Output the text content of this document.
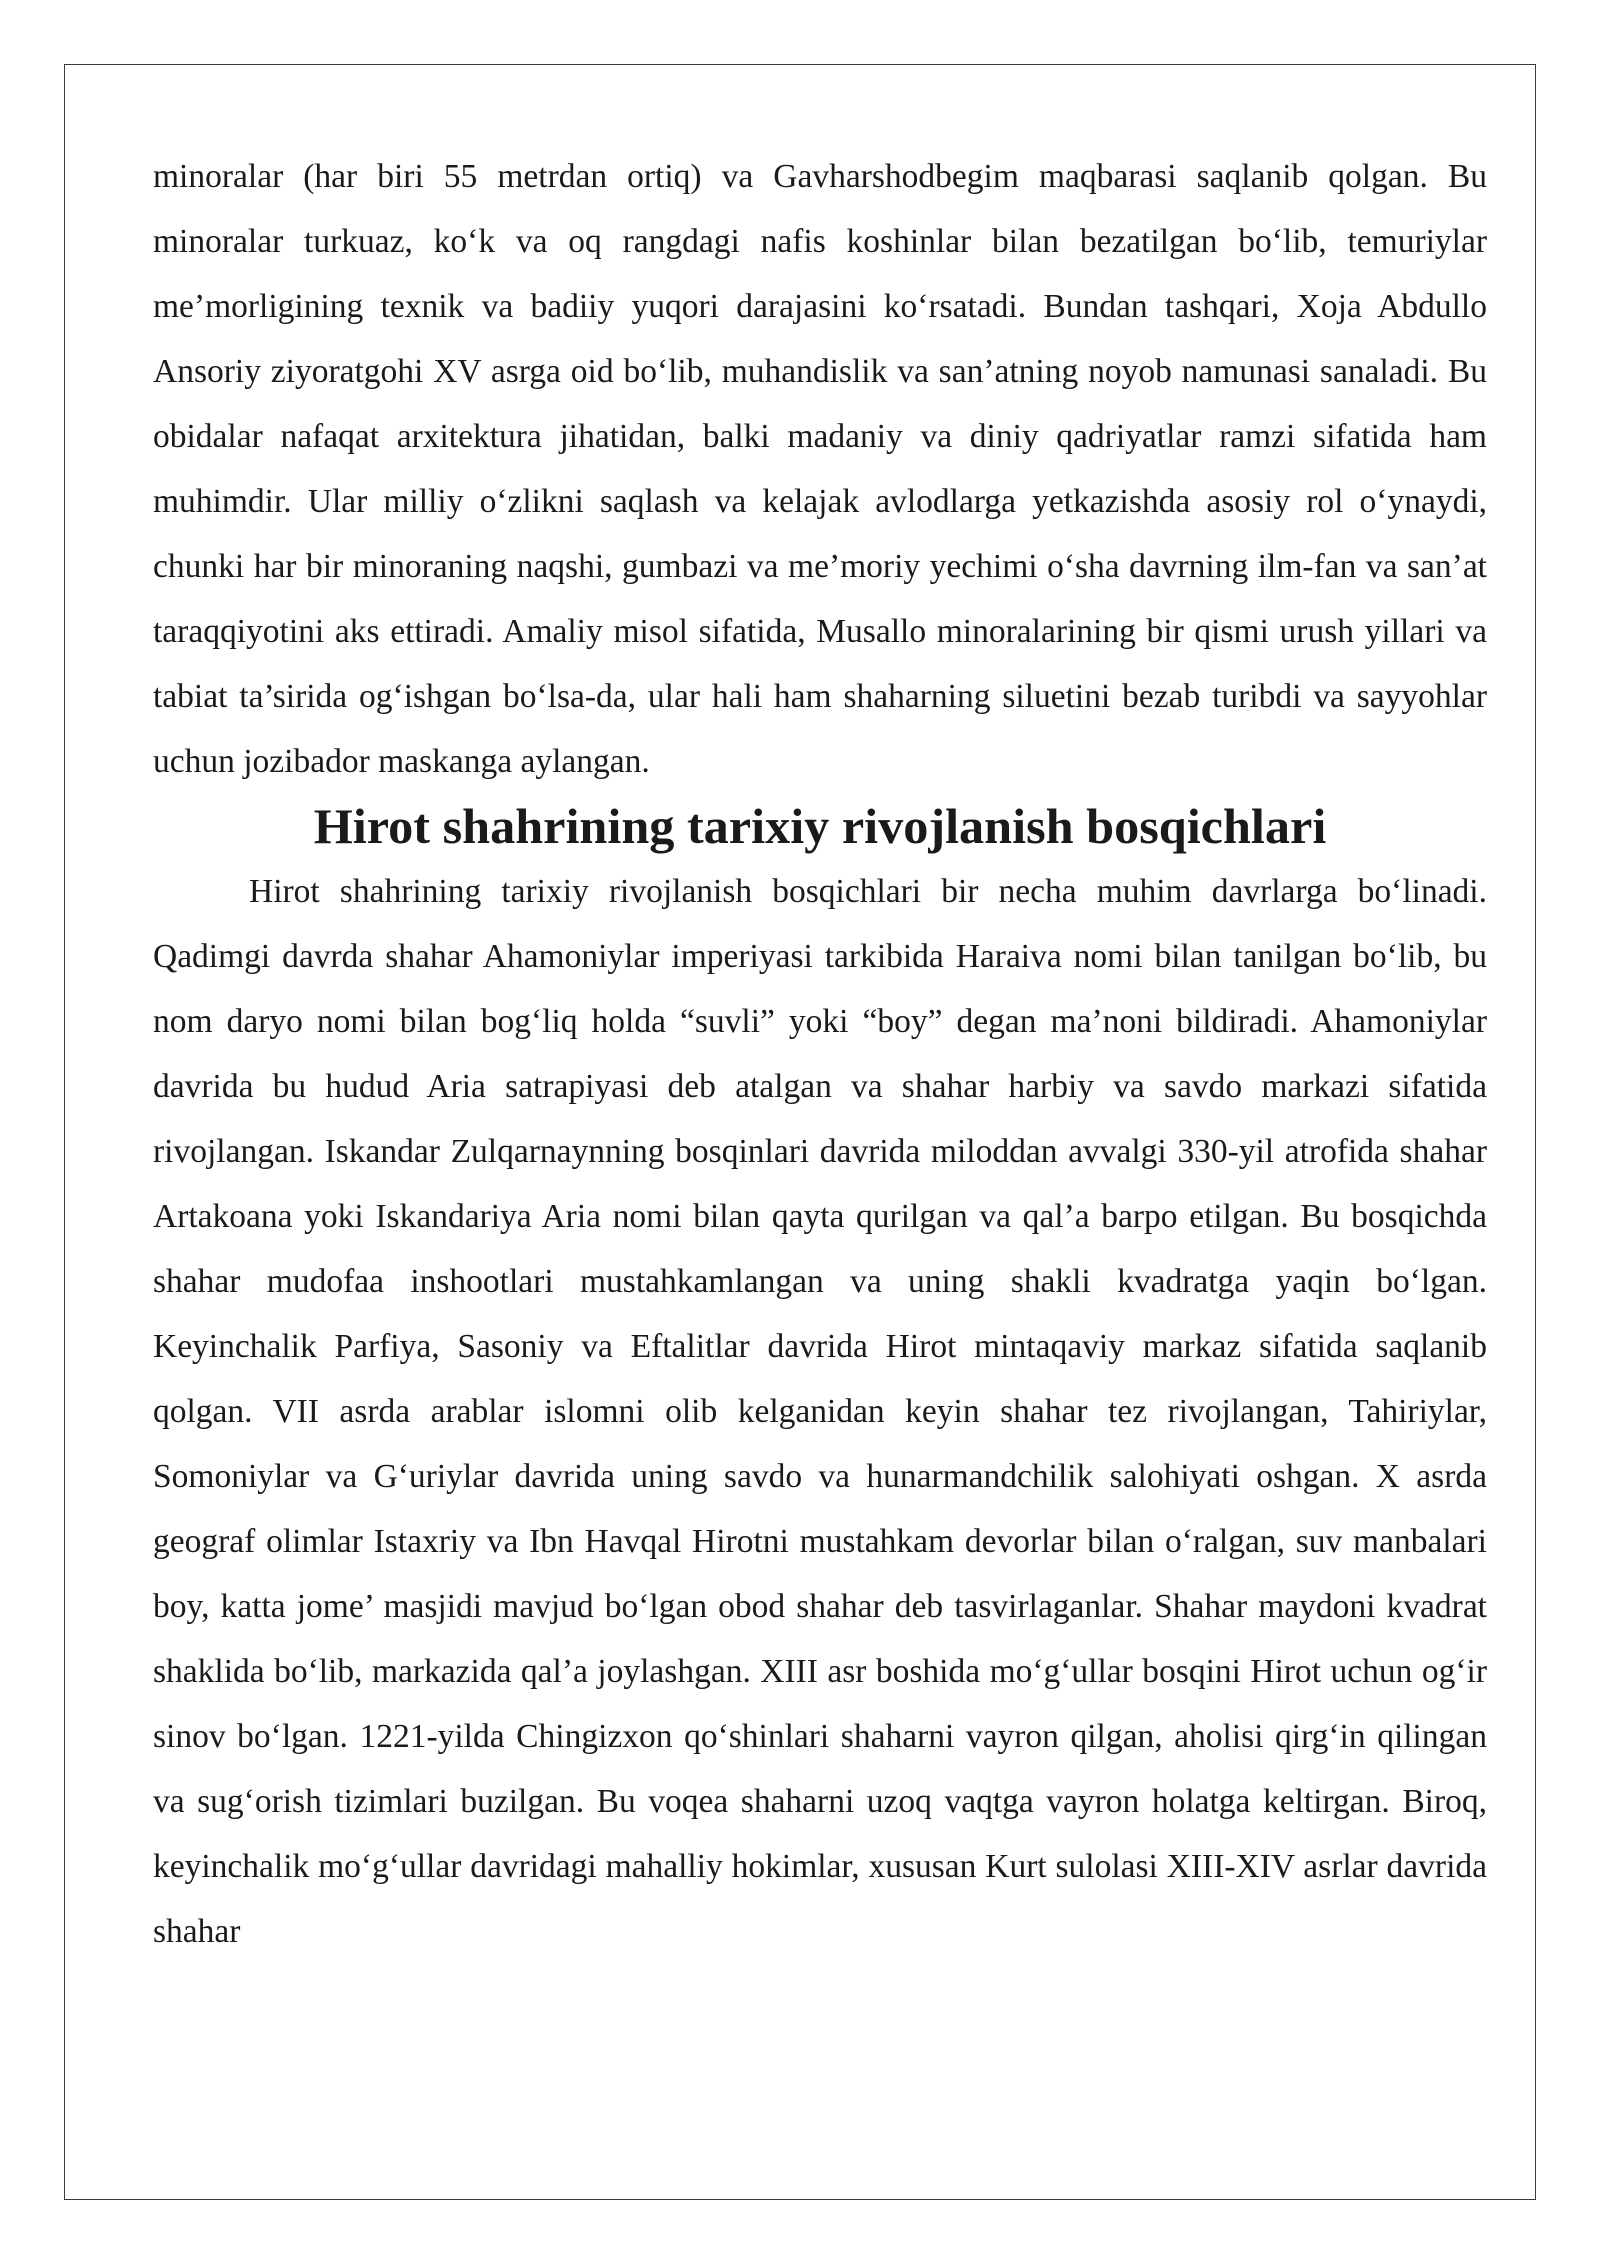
minoralar (har biri 55 metrdan ortiq) va Gavharshodbegim maqbarasi saqlanib qolgan. Bu minoralar turkuaz, ko‘k va oq rangdagi nafis koshinlar bilan bezatilgan bo‘lib, temuriylar me’morligining texnik va badiiy yuqori darajasini ko‘rsatadi. Bundan tashqari, Xoja Abdullo Ansoriy ziyoratgohi XV asrga oid bo‘lib, muhandislik va san’atning noyob namunasi sanaladi. Bu obidalar nafaqat arxitektura jihatidan, balki madaniy va diniy qadriyatlar ramzi sifatida ham muhimdir. Ular milliy o‘zlikni saqlash va kelajak avlodlarga yetkazishda asosiy rol o‘ynaydi, chunki har bir minoraning naqshi, gumbazi va me’moriy yechimi o‘sha davrning ilm-fan va san’at taraqqiyotini aks ettiradi. Amaliy misol sifatida, Musallo minoralarining bir qismi urush yillari va tabiat ta’sirida og‘ishgan bo‘lsa-da, ular hali ham shaharning siluetini bezab turibdi va sayyohlar uchun jozibador maskanga aylangan.

Hirot shahrining tarixiy rivojlanish bosqichlari

Hirot shahrining tarixiy rivojlanish bosqichlari bir necha muhim davrlarga bo‘linadi. Qadimgi davrda shahar Ahamoniylar imperiyasi tarkibida Haraiva nomi bilan tanilgan bo‘lib, bu nom daryo nomi bilan bog‘liq holda “suvli” yoki “boy” degan ma’noni bildiradi. Ahamoniylar davrida bu hudud Aria satrapiyasi deb atalgan va shahar harbiy va savdo markazi sifatida rivojlangan. Iskandar Zulqarnaynning bosqinlari davrida miloddan avvalgi 330-yil atrofida shahar Artakoana yoki Iskandariya Aria nomi bilan qayta qurilgan va qal’a barpo etilgan. Bu bosqichda shahar mudofaa inshootlari mustahkamlangan va uning shakli kvadratga yaqin bo‘lgan. Keyinchalik Parfiya, Sasoniy va Eftalitlar davrida Hirot mintaqaviy markaz sifatida saqlanib qolgan. VII asrda arablar islomni olib kelganidan keyin shahar tez rivojlangan, Tahiriylar, Somoniylar va G‘uriylar davrida uning savdo va hunarmandchilik salohiyati oshgan. X asrda geograf olimlar Istaxriy va Ibn Havqal Hirotni mustahkam devorlar bilan o‘ralgan, suv manbalari boy, katta jome’ masjidi mavjud bo‘lgan obod shahar deb tasvirlaganlar. Shahar maydoni kvadrat shaklida bo‘lib, markazida qal’a joylashgan. XIII asr boshida mo‘g‘ullar bosqini Hirot uchun og‘ir sinov bo‘lgan. 1221-yilda Chingizxon qo‘shinlari shaharni vayron qilgan, aholisi qirg‘in qilingan va sug‘orish tizimlari buzilgan. Bu voqea shaharni uzoq vaqtga vayron holatga keltirgan. Biroq, keyinchalik mo‘g‘ullar davridagi mahalliy hokimlar, xususan Kurt sulolasi XIII-XIV asrlar davrida shahar
